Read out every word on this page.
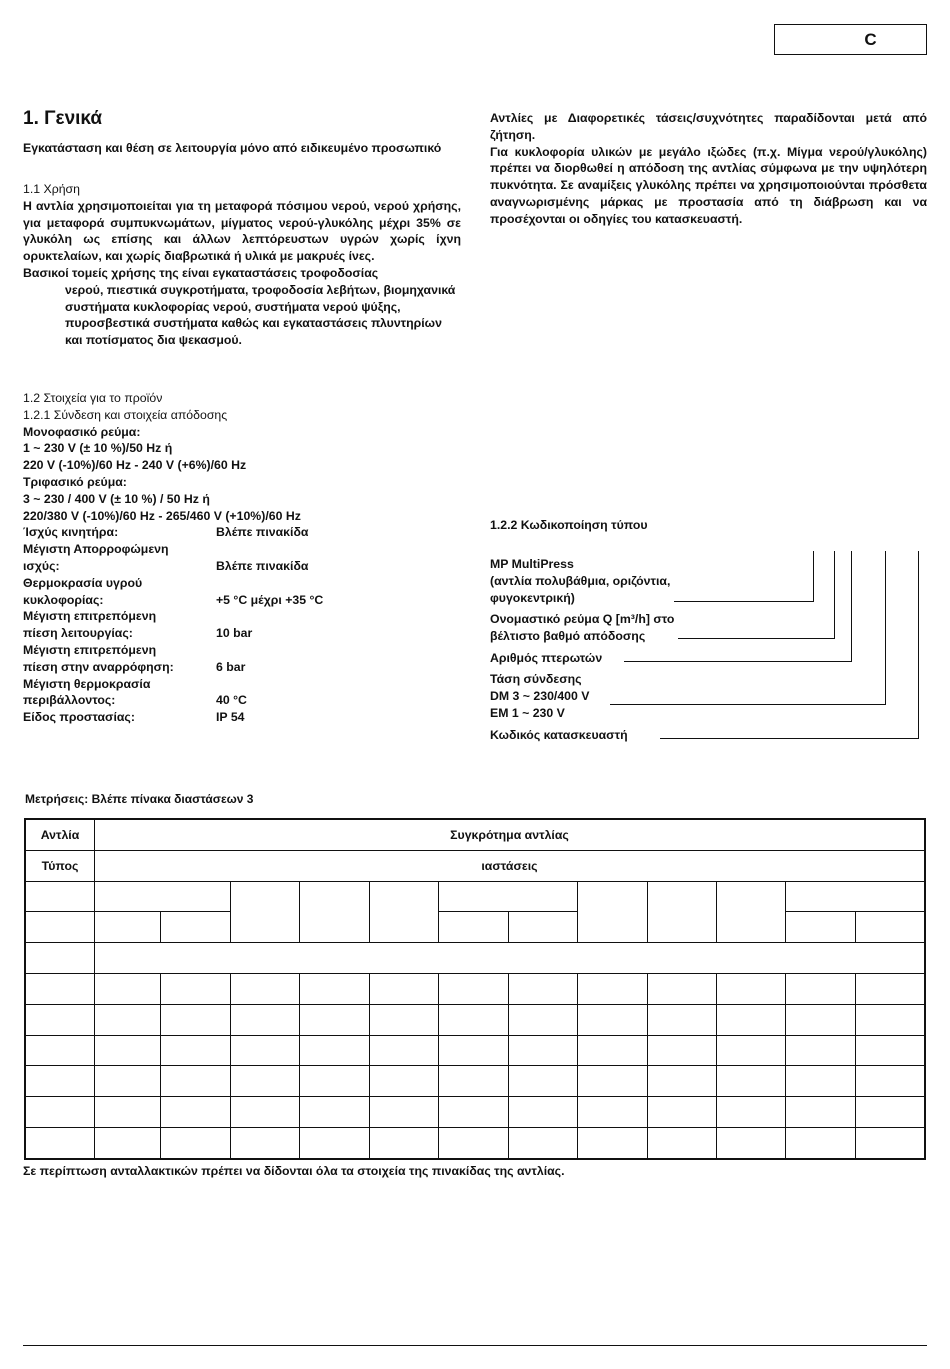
C
1. Γενικά
Εγκατάσταση και θέση σε λειτουργία μόνο από ειδικευμένο προσωπικό

1.1 Χρήση

Η αντλία χρησιμοποιείται για τη μεταφορά πόσιμου νερού, νερού χρήσης, για μεταφορά συμπυκνωμάτων, μίγματος νερού-γλυκόλης μέχρι 35% σε γλυκόλη ως επίσης και άλλων λεπτόρευστων υγρών χωρίς ίχνη ορυκτελαίων, και χωρίς διαβρωτικά ή υλικά με μακρυές ίνες.

Βασικοί τομείς χρήσης της είναι εγκαταστάσεις τροφοδοσίας

νερού, πιεστικά συγκροτήματα, τροφοδοσία λεβήτων, βιομηχανικά συστήματα κυκλοφορίας νερού, συστήματα νερού ψύξης, πυροσβεστικά συστήματα καθώς και εγκαταστάσεις πλυντηρίων και ποτίσματος δια ψεκασμού.

1.2 Στοιχεία για το προϊόν

1.2.1 Σύνδεση και στοιχεία απόδοσης

Μονοφασικό ρεύμα:

1 ~ 230 V (± 10 %)/50 Hz ή

220 V (-10%)/60 Hz - 240 V (+6%)/60 Hz

Τριφασικό ρεύμα:

3 ~ 230 / 400 V (± 10 %) / 50 Hz ή

220/380 V (-10%)/60 Hz - 265/460 V (+10%)/60 Hz

Ίσχύς κινητήρα:	Βλέπε πινακίδα
Μέγιστη Απορροφώμενη
ισχύς:	Βλέπε πινακίδα
Θερμοκρασία υγρού
κυκλοφορίας:	+5 °C μέχρι +35 °C
Μέγιστη επιτρεπόμενη
πίεση λειτουργίας:	10 bar
Μέγιστη επιτρεπόμενη
πίεση στην αναρρόφηση:	6 bar
Μέγιστη θερμοκρασία
περιβάλλοντος:	40 °C
Είδος προστασίας:	IP 54

Αντλίες με Διαφορετικές τάσεις/συχνότητες παραδίδονται μετά από ζήτηση.

Για κυκλοφορία υλικών με μεγάλο ιξώδες (π.χ. Μίγμα νερού/γλυκόλης) πρέπει να διορθωθεί η απόδοση της αντλίας σύμφωνα με την υψηλότερη πυκνότητα. Σε αναμίξεις γλυκόλης πρέπει να χρησιμοποιούνται πρόσθετα αναγνωρισμένης μάρκας με προστασία από τη διάβρωση και να προσέχονται οι οδηγίες του κατασκευαστή.

1.2.2 Κωδικοποίηση τύπου
MP MultiPress
(αντλία πολυβάθμια, οριζόντια,
φυγοκεντρική)
Ονομαστικό ρεύμα Q [m³/h] στο
βέλτιστο βαθμό απόδοσης
Αριθμός πτερωτών
Τάση σύνδεσης
DM 3 ~ 230/400 V
EM 1 ~ 230 V
Κωδικός κατασκευαστή
Μετρήσεις: Βλέπε πίνακα διαστάσεων 3
Αντλία	Συγκρότημα αντλίας											
Τύπος	ιαστάσεις											

Σε περίπτωση ανταλλακτικών πρέπει να δίδονται όλα τα στοιχεία της πινακίδας της αντλίας.
